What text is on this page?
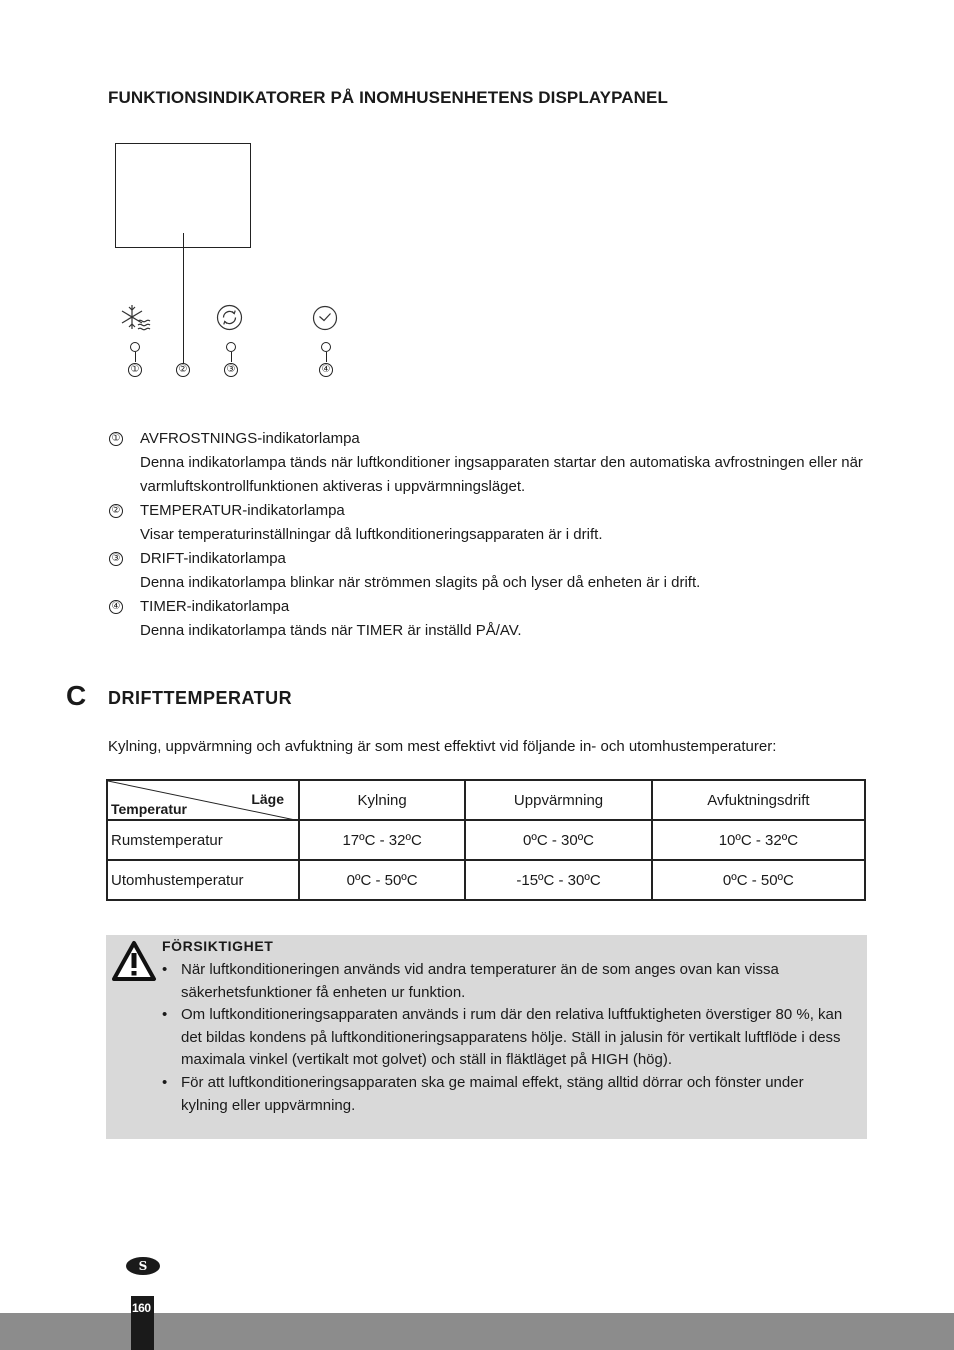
FUNKTIONSINDIKATORER PÅ INOMHUSENHETENS DISPLAYPANEL
①	②	③	④
① AVFROSTNINGS-indikatorlampa
Denna indikatorlampa tänds när luftkonditioner ingsapparaten startar den automatiska avfrostningen eller när varmluftskontrollfunktionen aktiveras i uppvärmningsläget.
② TEMPERATUR-indikatorlampa
Visar temperaturinställningar då luftkonditioneringsapparaten är i drift.
③ DRIFT-indikatorlampa
Denna indikatorlampa blinkar när strömmen slagits på och lyser då enheten är i drift.
④ TIMER-indikatorlampa
Denna indikatorlampa tänds när TIMER är inställd PÅ/AV.
C DRIFTTEMPERATUR
Kylning, uppvärmning och avfuktning är som mest effektivt vid följande in- och utomhustemperaturer:
Läge
Temperatur	Kylning	Uppvärmning	Avfuktningsdrift
Rumstemperatur	17ºC - 32ºC	0ºC - 30ºC	10ºC - 32ºC
Utomhustemperatur	0ºC - 50ºC	-15ºC - 30ºC	0ºC - 50ºC
FÖRSIKTIGHET
• När luftkonditioneringen används vid andra temperaturer än de som anges ovan kan vissa säkerhetsfunktioner få enheten ur funktion.
• Om luftkonditioneringsapparaten används i rum där den relativa luftfuktigheten överstiger 80 %, kan det bildas kondens på luftkonditioneringsapparatens hölje. Ställ in jalusin för vertikalt luftflöde i dess maximala vinkel (vertikalt mot golvet) och ställ in fläktläget på HIGH (hög).
• För att luftkonditioneringsapparaten ska ge maimal effekt, stäng alltid dörrar och fönster under kylning eller uppvärmning.
S
160
